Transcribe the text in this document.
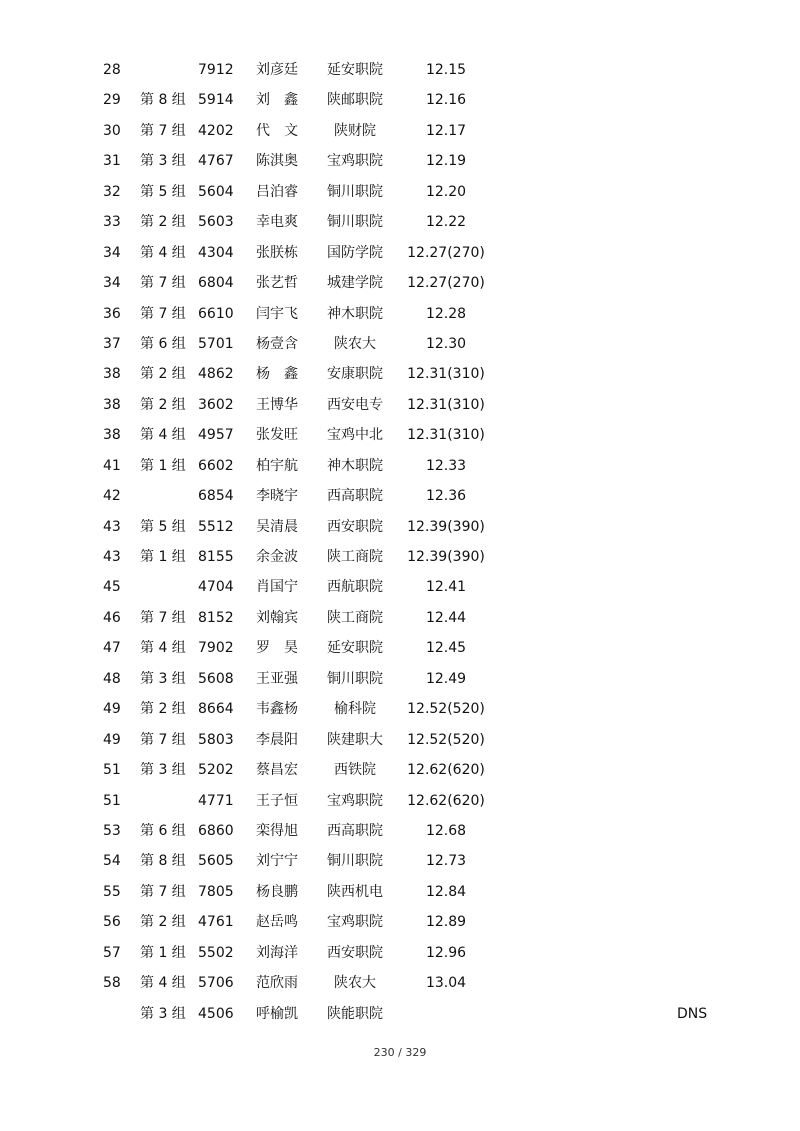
28	7912 刘彦廷	延安职院	12.15
29 第 8 组 5914 刘 鑫	陕邮职院	12.16
30 第 7 组 4202 代 文	陕财院	12.17
31 第 3 组 4767 陈淇奥	宝鸡职院	12.19
32 第 5 组 5604 吕泊睿	铜川职院	12.20
33 第 2 组 5603 幸电爽	铜川职院	12.22
34 第 4 组 4304 张朕栋	国防学院	12.27(270)
34 第 7 组 6804 张艺哲	城建学院	12.27(270)
36 第 7 组 6610 闫宇飞	神木职院	12.28
37 第 6 组 5701 杨壹含	陕农大	12.30
38 第 2 组 4862 杨 鑫	安康职院	12.31(310)
38 第 2 组 3602 王博华	西安电专	12.31(310)
38 第 4 组 4957 张发旺	宝鸡中北	12.31(310)
41 第 1 组 6602 柏宇航	神木职院	12.33
42	6854 李晓宇	西高职院	12.36
43 第 5 组 5512 吴清晨	西安职院	12.39(390)
43 第 1 组 8155 余金波	陕工商院	12.39(390)
45	4704 肖国宁	西航职院	12.41
46 第 7 组 8152 刘翰宾	陕工商院	12.44
47 第 4 组 7902 罗 昊	延安职院	12.45
48 第 3 组 5608 王亚强	铜川职院	12.49
49 第 2 组 8664 韦鑫杨	榆科院	12.52(520)
49 第 7 组 5803 李晨阳	陕建职大	12.52(520)
51 第 3 组 5202 蔡昌宏	西铁院	12.62(620)
51	4771 王子恒	宝鸡职院	12.62(620)
53 第 6 组 6860 栾得旭	西高职院	12.68
54 第 8 组 5605 刘宁宁	铜川职院	12.73
55 第 7 组 7805 杨良鹏	陕西机电	12.84
56 第 2 组 4761 赵岳鸣	宝鸡职院	12.89
57 第 1 组 5502 刘海洋	西安职院	12.96
58 第 4 组 5706 范欣雨	陕农大	13.04
第 3 组 4506 呼榆凯	陕能职院	DNS
230 / 329
